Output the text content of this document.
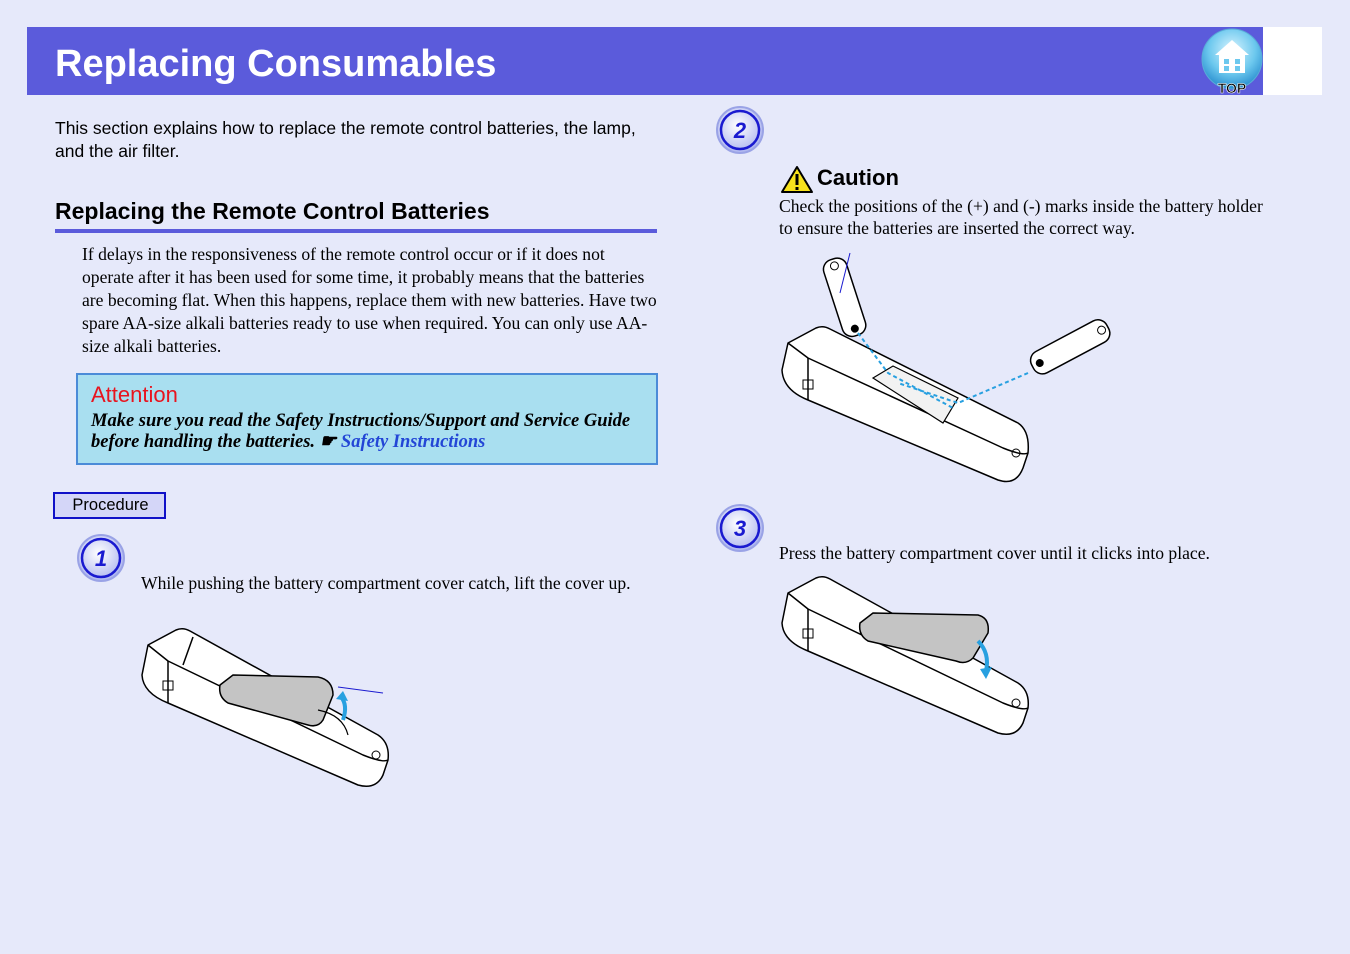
Replacing Consumables
TOP

This section explains how to replace the remote control batteries, the lamp, and the air filter.

Replacing the Remote Control Batteries

If delays in the responsiveness of the remote control occur or if it does not operate after it has been used for some time, it probably means that the batteries are becoming flat. When this happens, replace them with new batteries. Have two spare AA-size alkali batteries ready to use when required. You can only use AA-size alkali batteries.

Attention

Make sure you read the Safety Instructions/Support and Service Guide before handling the batteries. ☛ Safety Instructions

Procedure
1
2
3

While pushing the battery compartment cover catch, lift the cover up.

Caution

Check the positions of the (+) and (-) marks inside the battery holder to ensure the batteries are inserted the correct way.

Press the battery compartment cover until it clicks into place.
